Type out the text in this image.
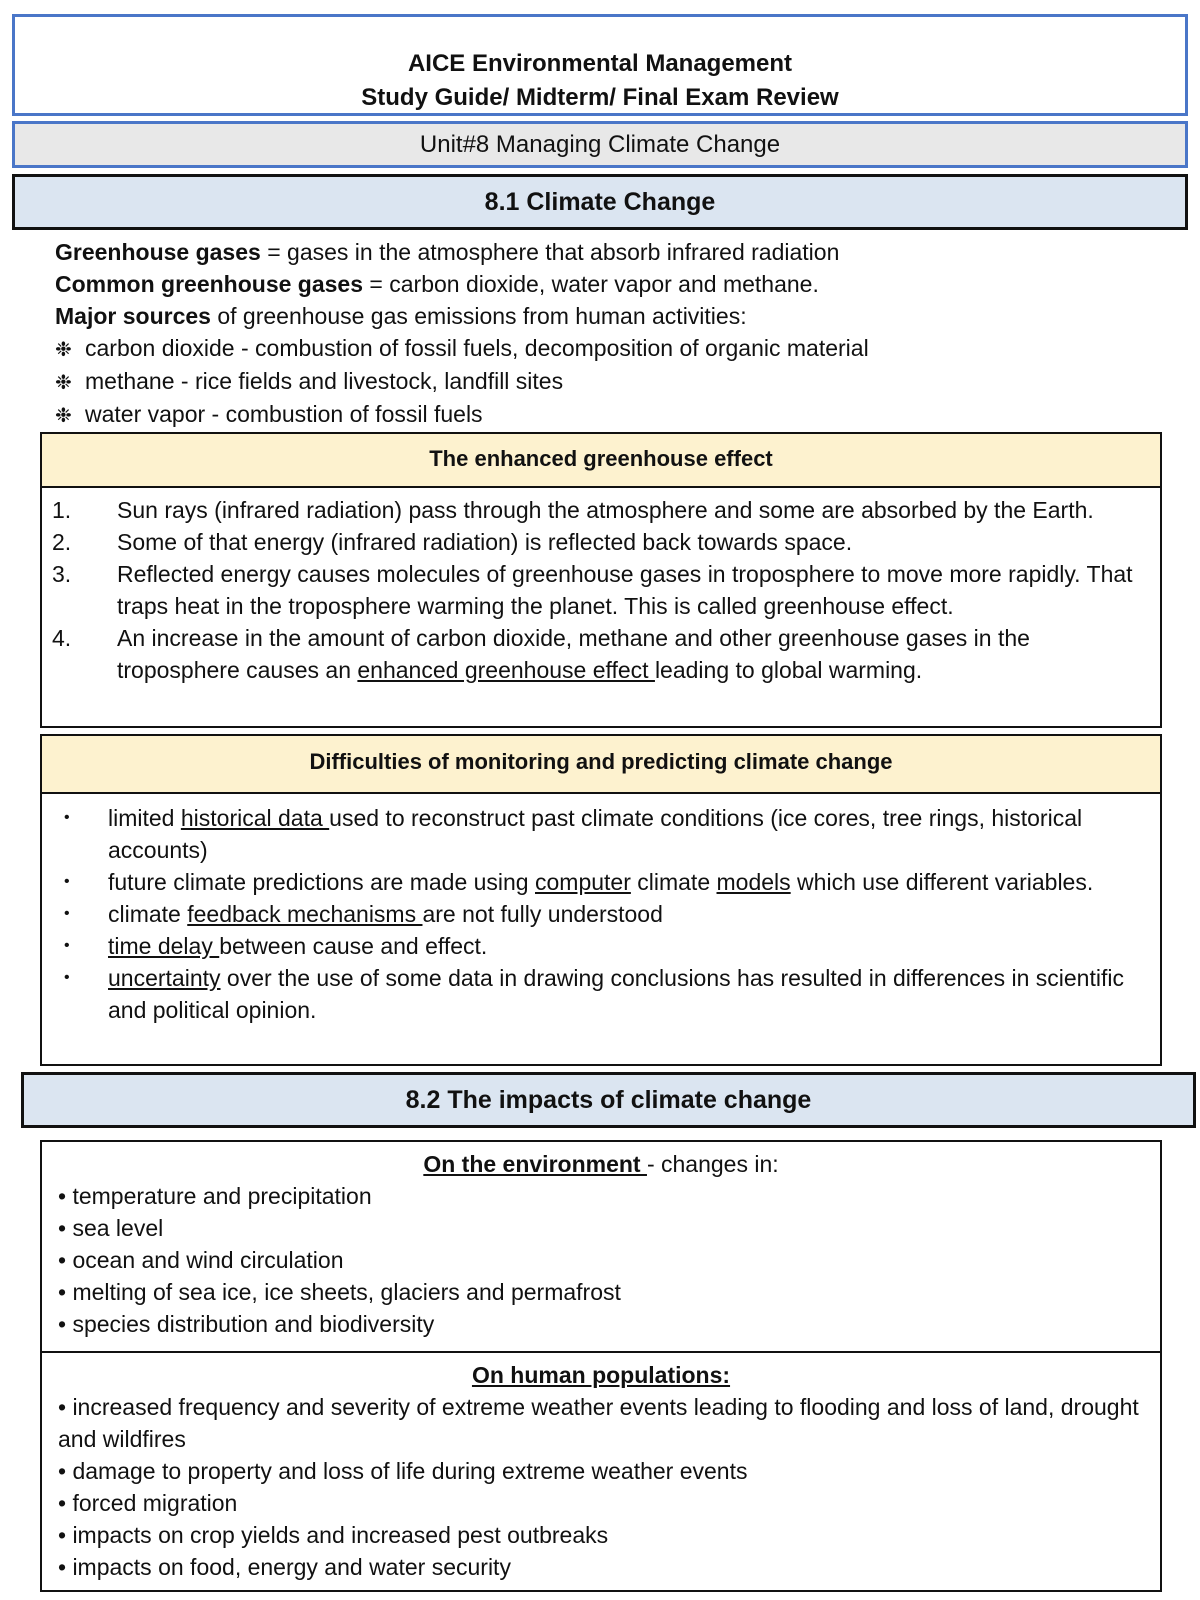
AICE Environmental Management
Study Guide/ Midterm/ Final Exam Review
Unit#8 Managing Climate Change
8.1 Climate Change

Greenhouse gases = gases in the atmosphere that absorb infrared radiation

Common greenhouse gases = carbon dioxide, water vapor and methane.

Major sources of greenhouse gas emissions from human activities:

❉ carbon dioxide - combustion of fossil fuels, decomposition of organic material

❉ methane - rice fields and livestock, landfill sites

❉ water vapor - combustion of fossil fuels

The enhanced greenhouse effect
1.	Sun rays (infrared radiation) pass through the atmosphere and some are absorbed by the Earth.
2.	Some of that energy (infrared radiation) is reflected back towards space.
3.	Reflected energy causes molecules of greenhouse gases in troposphere to move more rapidly. That traps heat in the troposphere warming the planet. This is called greenhouse effect.
4.	An increase in the amount of carbon dioxide, methane and other greenhouse gases in the troposphere causes an enhanced greenhouse effect leading to global warming.
Difficulties of monitoring and predicting climate change
•	limited historical data used to reconstruct past climate conditions (ice cores, tree rings, historical accounts)
•	future climate predictions are made using computer climate models which use different variables.
•	climate feedback mechanisms are not fully understood
•	time delay between cause and effect.
•	uncertainty over the use of some data in drawing conclusions has resulted in differences in scientific and political opinion.
8.2 The impacts of climate change
On the environment - changes in:
• temperature and precipitation
• sea level
• ocean and wind circulation
• melting of sea ice, ice sheets, glaciers and permafrost
• species distribution and biodiversity
On human populations:
• increased frequency and severity of extreme weather events leading to flooding and loss of land, drought and wildfires
• damage to property and loss of life during extreme weather events
• forced migration
• impacts on crop yields and increased pest outbreaks
• impacts on food, energy and water security
